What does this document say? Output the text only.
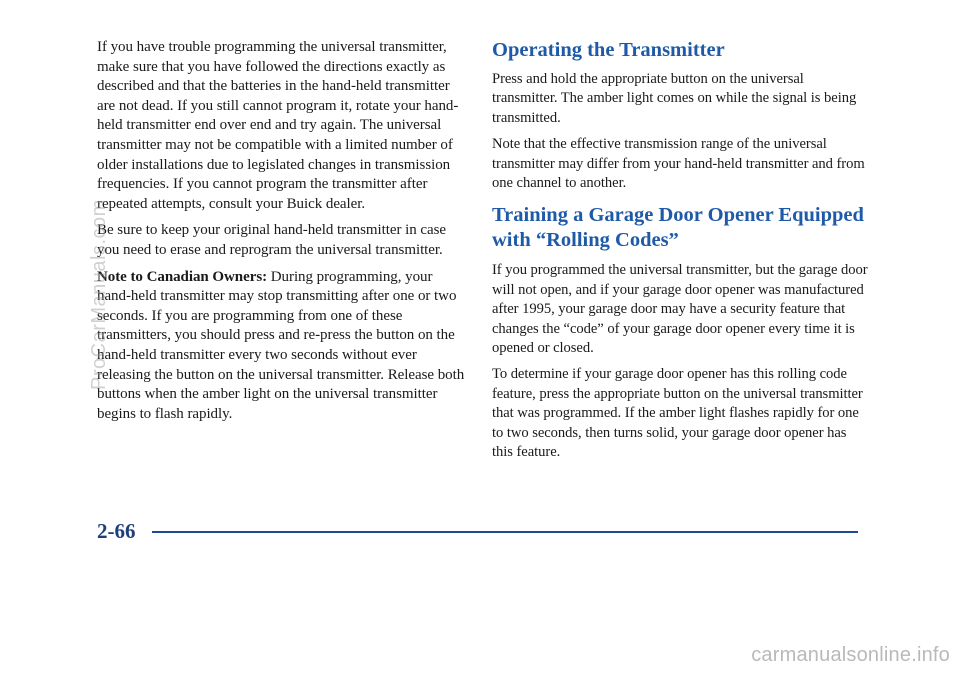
If you have trouble programming the universal transmitter, make sure that you have followed the directions exactly as described and that the batteries in the hand-held transmitter are not dead. If you still cannot program it, rotate your hand-held transmitter end over end and try again. The universal transmitter may not be compatible with a limited number of older installations due to legislated changes in transmission frequencies. If you cannot program the transmitter after repeated attempts, consult your Buick dealer.

Be sure to keep your original hand-held transmitter in case you need to erase and reprogram the universal transmitter.

Note to Canadian Owners: During programming, your hand-held transmitter may stop transmitting after one or two seconds. If you are programming from one of these transmitters, you should press and re-press the button on the hand-held transmitter every two seconds without ever releasing the button on the universal transmitter. Release both buttons when the amber light on the universal transmitter begins to flash rapidly.

Operating the Transmitter

Press and hold the appropriate button on the universal transmitter. The amber light comes on while the signal is being transmitted.

Note that the effective transmission range of the universal transmitter may differ from your hand-held transmitter and from one channel to another.

Training a Garage Door Opener Equipped with “Rolling Codes”

If you programmed the universal transmitter, but the garage door will not open, and if your garage door opener was manufactured after 1995, your garage door may have a security feature that changes the “code” of your garage door opener every time it is opened or closed.

To determine if your garage door opener has this rolling code feature, press the appropriate button on the universal transmitter that was programmed. If the amber light flashes rapidly for one to two seconds, then turns solid, your garage door opener has this feature.

2-66
ProCarManuals.com
carmanualsonline.info
